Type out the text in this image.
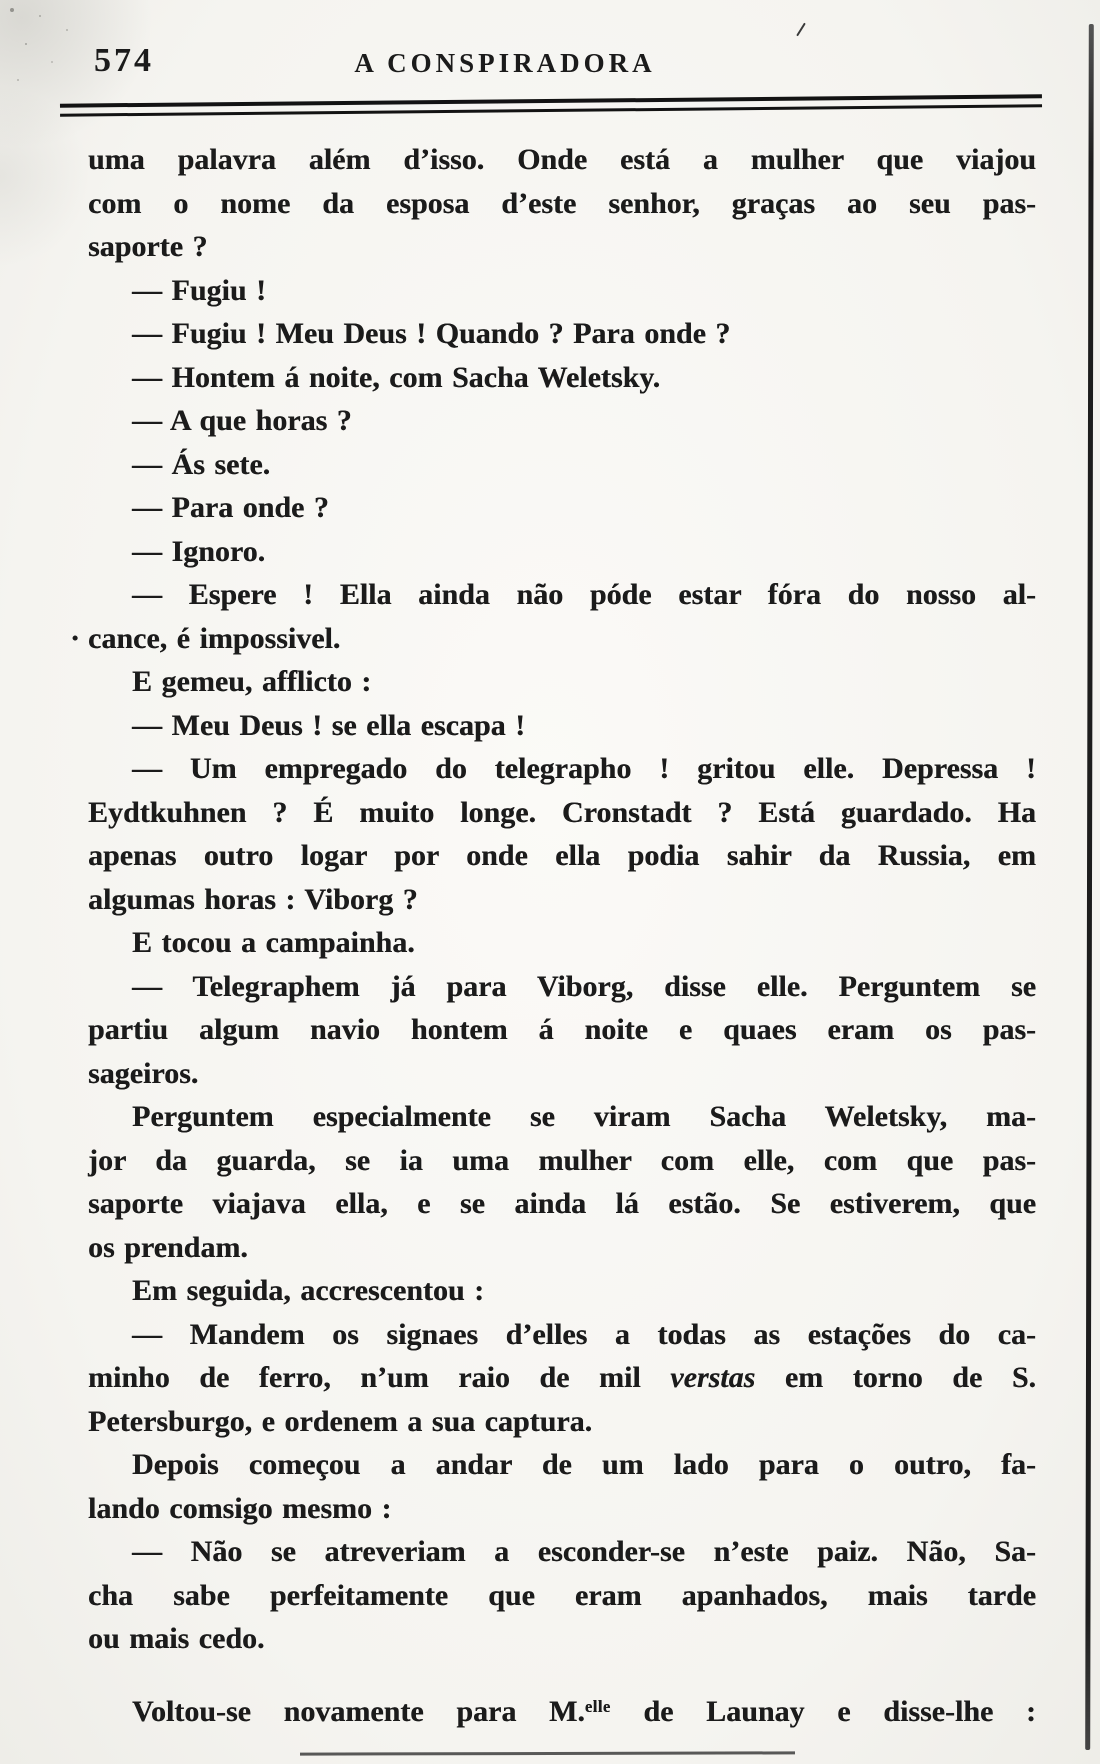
574	A CONSPIRADORA
uma palavra além d’isso. Onde está a mulher que viajou
com o nome da esposa d’este senhor, graças ao seu pas-
saporte ?
— Fugiu !
— Fugiu ! Meu Deus ! Quando ? Para onde ?
— Hontem á noite, com Sacha Weletsky.
— A que horas ?
— Ás sete.
— Para onde ?
— Ignoro.
— Espere ! Ella ainda não póde estar fóra do nosso al-
· cance, é impossivel.
E gemeu, afflicto :
— Meu Deus ! se ella escapa !
— Um empregado do telegrapho ! gritou elle. Depressa !
Eydtkuhnen ? É muito longe. Cronstadt ? Está guardado. Ha
apenas outro logar por onde ella podia sahir da Russia, em
algumas horas : Viborg ?
E tocou a campainha.
— Telegraphem já para Viborg, disse elle. Perguntem se
partiu algum navio hontem á noite e quaes eram os pas-
sageiros.
Perguntem especialmente se viram Sacha Weletsky, ma-
jor da guarda, se ia uma mulher com elle, com que pas-
saporte viajava ella, e se ainda lá estão. Se estiverem, que
os prendam.
Em seguida, accrescentou :
— Mandem os signaes d’elles a todas as estações do ca-
minho de ferro, n’um raio de mil verstas em torno de S.
Petersburgo, e ordenem a sua captura.
Depois começou a andar de um lado para o outro, fa-
lando comsigo mesmo :
— Não se atreveriam a esconder-se n’este paiz. Não, Sa-
cha sabe perfeitamente que eram apanhados, mais tarde
ou mais cedo.
Voltou-se novamente para M.$^{elle}$ de Launay e disse-lhe :
